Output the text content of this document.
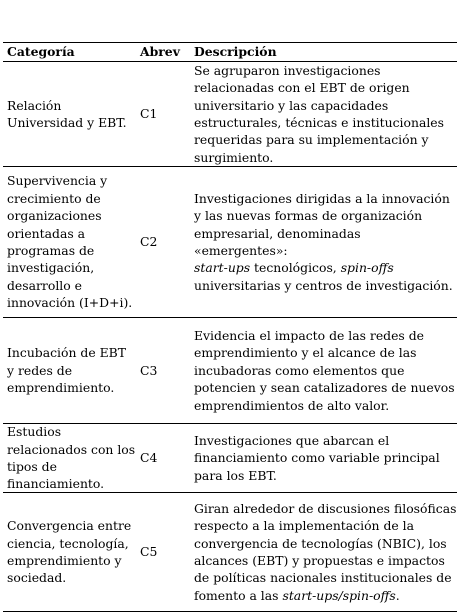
Categoría	Abrev	Descripción
Relación Universidad y EBT.
C1
Se agruparon investigaciones relacionadas con el EBT de origen universitario y las capacidades estructurales, técnicas e institucionales requeridas para su implementación y surgimiento.
Supervivencia y crecimiento de organizaciones orientadas a programas de investigación, desarrollo e innovación (I+D+i).
C2
Investigaciones dirigidas a la innovación y las nuevas formas de organización empresarial, denominadas «emergentes»:
start-ups tecnológicos, spin-offs universitarias y centros de investigación.
Incubación de EBT y redes de emprendimiento.
C3
Evidencia el impacto de las redes de emprendimiento y el alcance de las incubadoras como elementos que potencien y sean catalizadores de nuevos emprendimientos de alto valor.
Estudios relacionados con los tipos de financiamiento.
C4
Investigaciones que abarcan el financiamiento como variable principal para los EBT.
Convergencia entre ciencia, tecnología, emprendimiento y sociedad.
C5
Giran alrededor de discusiones filosóficas respecto a la implementación de la convergencia de tecnologías (NBIC), los alcances (EBT) y propuestas e impactos de políticas nacionales institucionales de fomento a las start-ups/spin-offs.
